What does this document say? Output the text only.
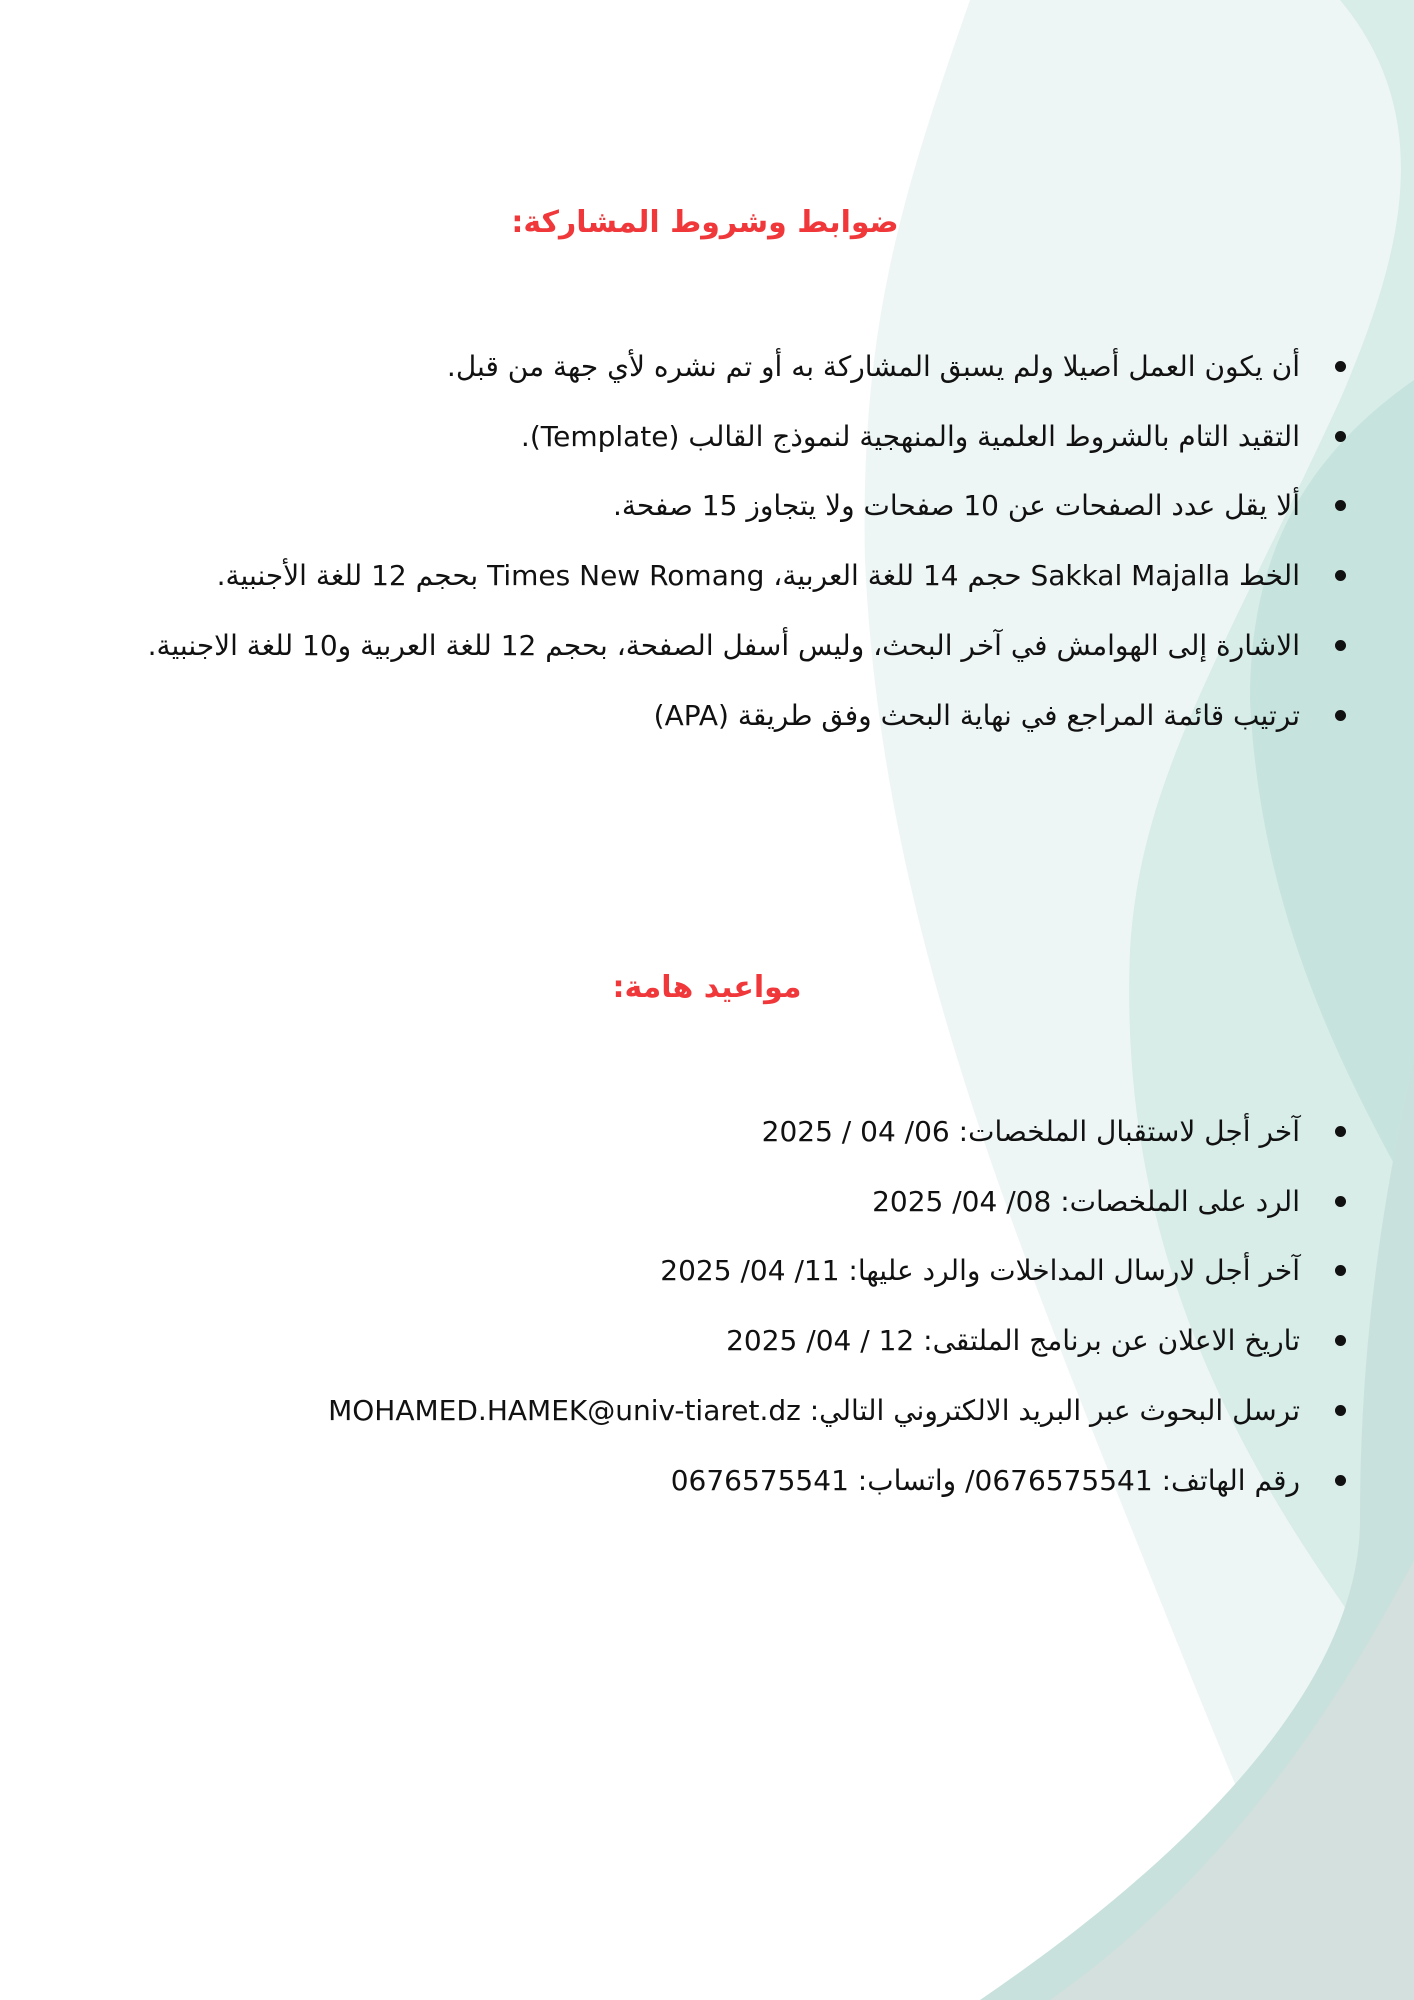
ضوابط وشروط المشاركة:
أن يكون العمل أصيلا ولم يسبق المشاركة به أو تم نشره لأي جهة من قبل.
التقيد التام بالشروط العلمية والمنهجية لنموذج القالب (Template).
ألا يقل عدد الصفحات عن 10 صفحات ولا يتجاوز 15 صفحة.
الخط Sakkal Majalla حجم 14 للغة العربية، Times New Romang بحجم 12 للغة الأجنبية.
الاشارة إلى الهوامش في آخر البحث، وليس أسفل الصفحة، بحجم 12 للغة العربية و10 للغة الاجنبية.
ترتيب قائمة المراجع في نهاية البحث وفق طريقة (APA)
مواعيد هامة:
آخر أجل لاستقبال الملخصات: 06/ 04 / 2025
الرد على الملخصات: 08/ 04/ 2025
آخر أجل لارسال المداخلات والرد عليها: 11/ 04/ 2025
تاريخ الاعلان عن برنامج الملتقى: 12 / 04/ 2025
ترسل البحوث عبر البريد الالكتروني التالي: MOHAMED.HAMEK@univ-tiaret.dz
رقم الهاتف: 0676575541/ واتساب: 0676575541
